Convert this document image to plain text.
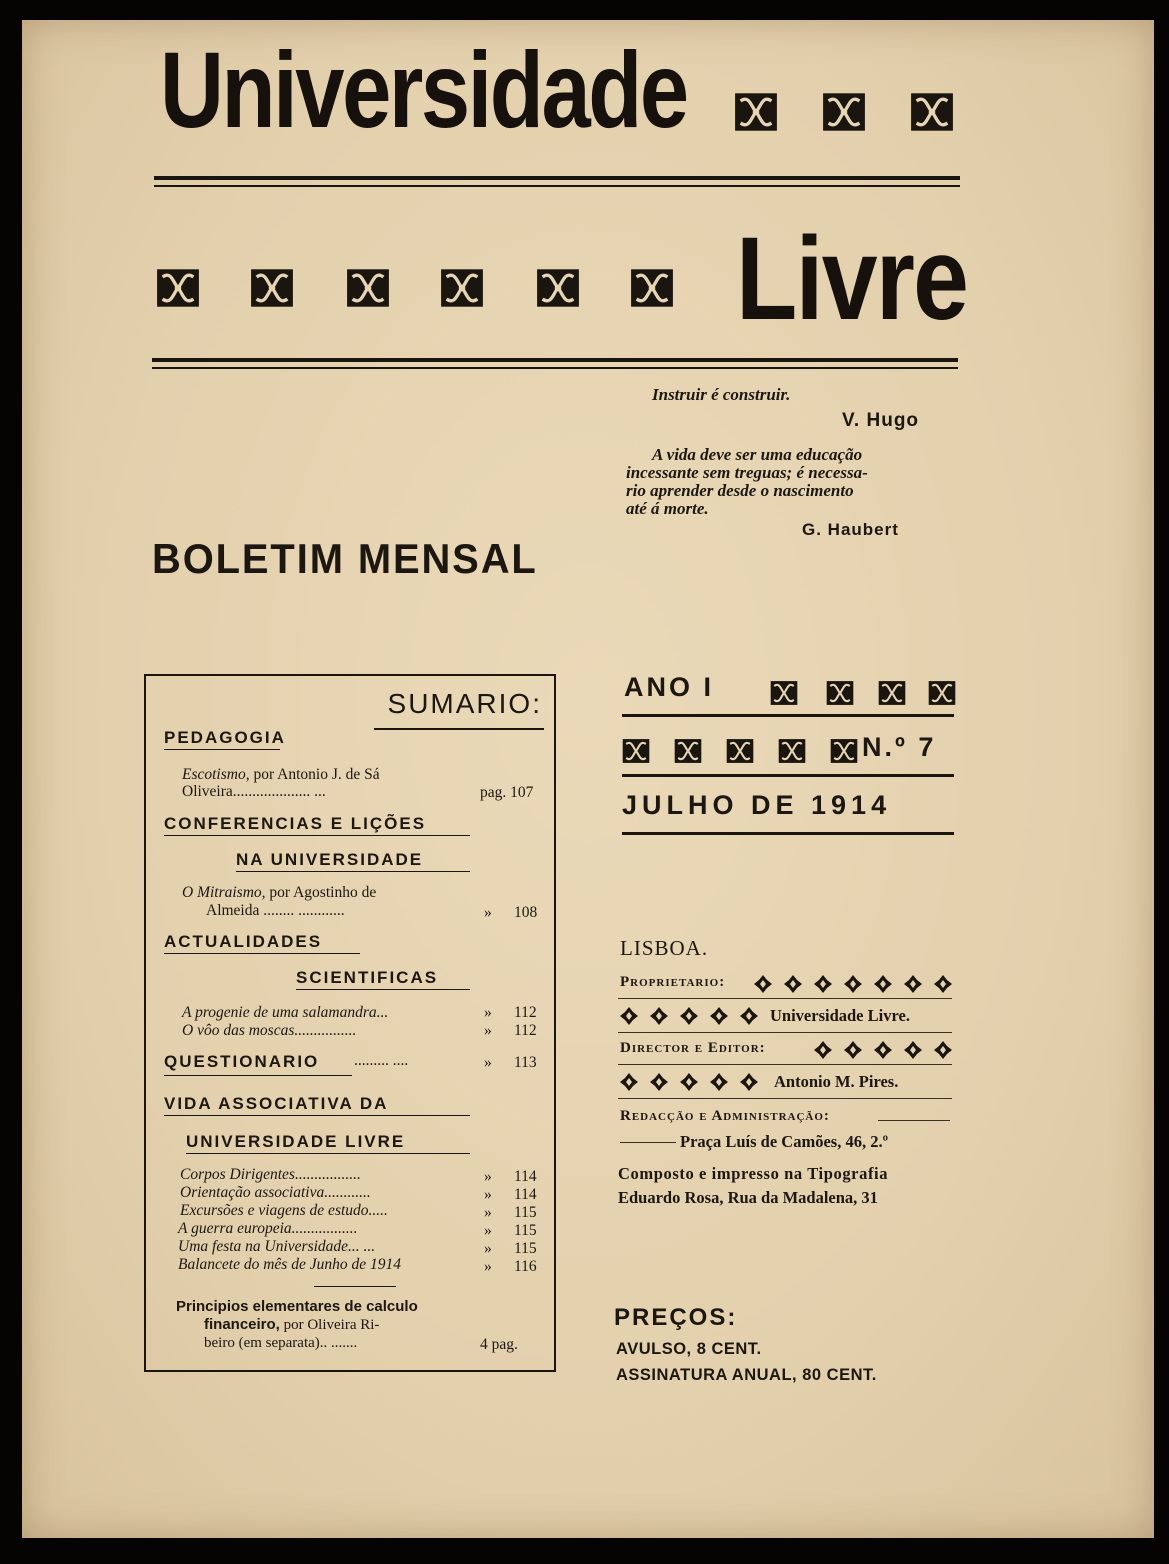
Universidade
Livre
Instruir é construir.
V. Hugo
A vida deve ser uma educação
incessante sem treguas; é necessa-
rio aprender desde o nascimento
até á morte.
G. Haubert
BOLETIM MENSAL
SUMARIO:
PEDAGOGIA
Escotismo, por Antonio J. de Sá
Oliveira.................... ...	pag. 107
CONFERENCIAS E LIÇÕES
NA UNIVERSIDADE
O Mitraismo, por Agostinho de
Almeida ........ ............	» 108
ACTUALIDADES
SCIENTIFICAS
A progenie de uma salamandra...	» 112
O vôo das moscas................	» 112
QUESTIONARIO ......... ....	» 113
VIDA ASSOCIATIVA DA
UNIVERSIDADE LIVRE
Corpos Dirigentes.................	» 114
Orientação associativa............	» 114
Excursões e viagens de estudo.....	» 115
A guerra europeia.................	» 115
Uma festa na Universidade... ...	» 115
Balancete do mês de Junho de 1914	» 116
Principios elementares de calculo
financeiro, por Oliveira Ri-
beiro (em separata).. .......	4 pag.
ANO I
N.º 7
JULHO DE 1914
LISBOA.
Proprietario:
Universidade Livre.
Director e Editor:
Antonio M. Pires.
Redacção e Administração:
Praça Luís de Camões, 46, 2.º
Composto e impresso na Tipografia
Eduardo Rosa, Rua da Madalena, 31
PREÇOS:
AVULSO, 8 CENT.
ASSINATURA ANUAL, 80 CENT.
